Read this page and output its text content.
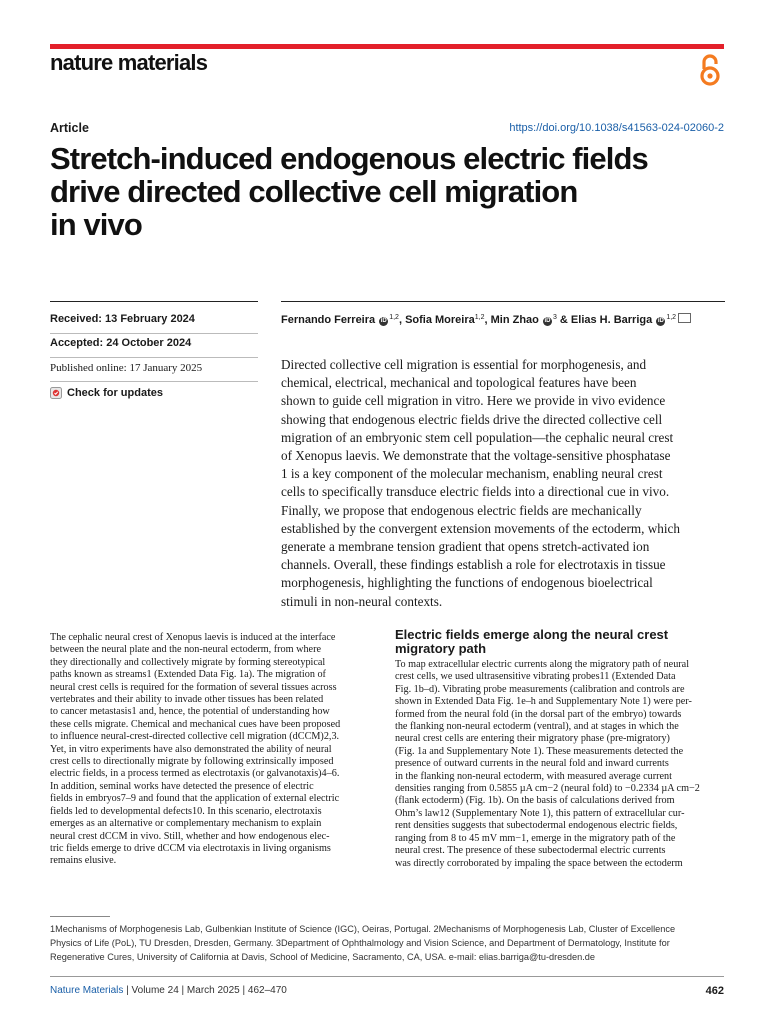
nature materials
Article	https://doi.org/10.1038/s41563-024-02060-2
Stretch-induced endogenous electric fields
drive directed collective cell migration
in vivo
Received: 13 February 2024
Accepted: 24 October 2024
Published online: 17 January 2025
Check for updates
Fernando Ferreira iD $^{1,2}$, Sofia Moreira$^{1,2}$, Min Zhao iD $^3$ & Elias H. Barriga iD $^{1,2}$
Directed collective cell migration is essential for morphogenesis, and
chemical, electrical, mechanical and topological features have been
shown to guide cell migration in vitro. Here we provide in vivo evidence
showing that endogenous electric fields drive the directed collective cell
migration of an embryonic stem cell population—the cephalic neural crest
of Xenopus laevis. We demonstrate that the voltage-sensitive phosphatase
1 is a key component of the molecular mechanism, enabling neural crest
cells to specifically transduce electric fields into a directional cue in vivo.
Finally, we propose that endogenous electric fields are mechanically
established by the convergent extension movements of the ectoderm, which
generate a membrane tension gradient that opens stretch-activated ion
channels. Overall, these findings establish a role for electrotaxis in tissue
morphogenesis, highlighting the functions of endogenous bioelectrical
stimuli in non-neural contexts.
The cephalic neural crest of Xenopus laevis is induced at the interface
between the neural plate and the non-neural ectoderm, from where
they directionally and collectively migrate by forming stereotypical
paths known as streams1 (Extended Data Fig. 1a). The migration of
neural crest cells is required for the formation of several tissues across
vertebrates and their ability to invade other tissues has been related
to cancer metastasis1 and, hence, the potential of understanding how
these cells migrate. Chemical and mechanical cues have been proposed
to influence neural-crest-directed collective cell migration (dCCM)2,3.
Yet, in vitro experiments have also demonstrated the ability of neural
crest cells to directionally migrate by following extrinsically imposed
electric fields, in a process termed as electrotaxis (or galvanotaxis)4–6.
In addition, seminal works have detected the presence of electric
fields in embryos7–9 and found that the application of external electric
fields led to developmental defects10. In this scenario, electrotaxis
emerges as an alternative or complementary mechanism to explain
neural crest dCCM in vivo. Still, whether and how endogenous elec-
tric fields emerge to drive dCCM via electrotaxis in living organisms
remains elusive.
Electric fields emerge along the neural crest
migratory path
To map extracellular electric currents along the migratory path of neural
crest cells, we used ultrasensitive vibrating probes11 (Extended Data
Fig. 1b–d). Vibrating probe measurements (calibration and controls are
shown in Extended Data Fig. 1e–h and Supplementary Note 1) were per-
formed from the neural fold (in the dorsal part of the embryo) towards
the flanking non-neural ectoderm (ventral), and at stages in which the
neural crest cells are entering their migratory phase (pre-migratory)
(Fig. 1a and Supplementary Note 1). These measurements detected the
presence of outward currents in the neural fold and inward currents
in the flanking non-neural ectoderm, with measured average current
densities ranging from 0.5855 µA cm−2 (neural fold) to −0.2334 µA cm−2
(flank ectoderm) (Fig. 1b). On the basis of calculations derived from
Ohm’s law12 (Supplementary Note 1), this pattern of extracellular cur-
rent densities suggests that subectodermal endogenous electric fields,
ranging from 8 to 45 mV mm−1, emerge in the migratory path of the
neural crest. The presence of these subectodermal electric currents
was directly corroborated by impaling the space between the ectoderm
1Mechanisms of Morphogenesis Lab, Gulbenkian Institute of Science (IGC), Oeiras, Portugal. 2Mechanisms of Morphogenesis Lab, Cluster of Excellence
Physics of Life (PoL), TU Dresden, Dresden, Germany. 3Department of Ophthalmology and Vision Science, and Department of Dermatology, Institute for
Regenerative Cures, University of California at Davis, School of Medicine, Sacramento, CA, USA. e-mail: elias.barriga@tu-dresden.de
Nature Materials | Volume 24 | March 2025 | 462–470	462
